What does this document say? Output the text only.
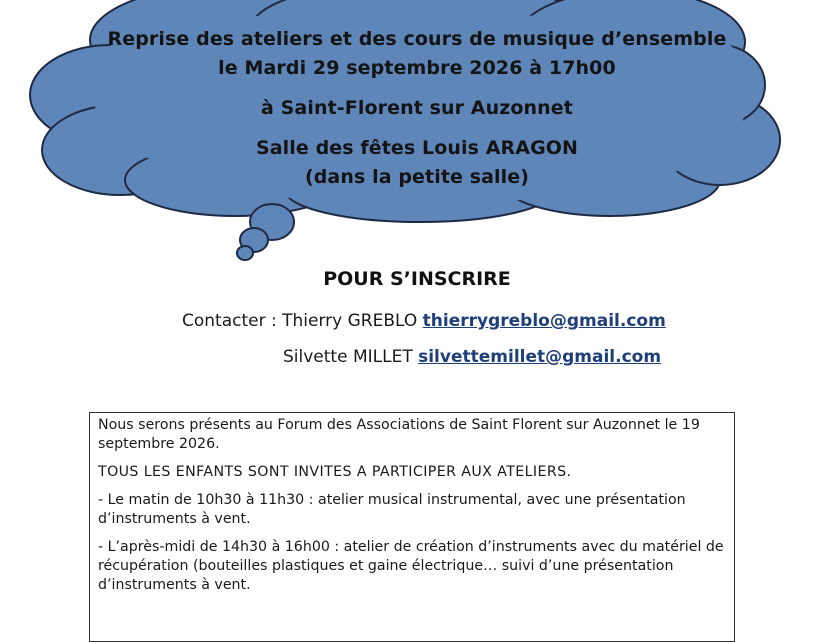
Reprise des ateliers et des cours de musique d’ensemble
le Mardi 29 septembre 2026 à 17h00
à Saint-Florent sur Auzonnet
Salle des fêtes Louis ARAGON
(dans la petite salle)
POUR S’INSCRIRE
Contacter : Thierry GREBLO thierrygreblo@gmail.com
Silvette MILLET silvettemillet@gmail.com

Nous serons présents au Forum des Associations de Saint Florent sur Auzonnet le 19 septembre 2026.

TOUS LES ENFANTS SONT INVITES A PARTICIPER AUX ATELIERS.

- Le matin de 10h30 à 11h30 : atelier musical instrumental, avec une présentation d’instruments à vent.

- L’après-midi de 14h30 à 16h00 : atelier de création d’instruments avec du matériel de récupération (bouteilles plastiques et gaine électrique… suivi d’une présentation d’instruments à vent.
